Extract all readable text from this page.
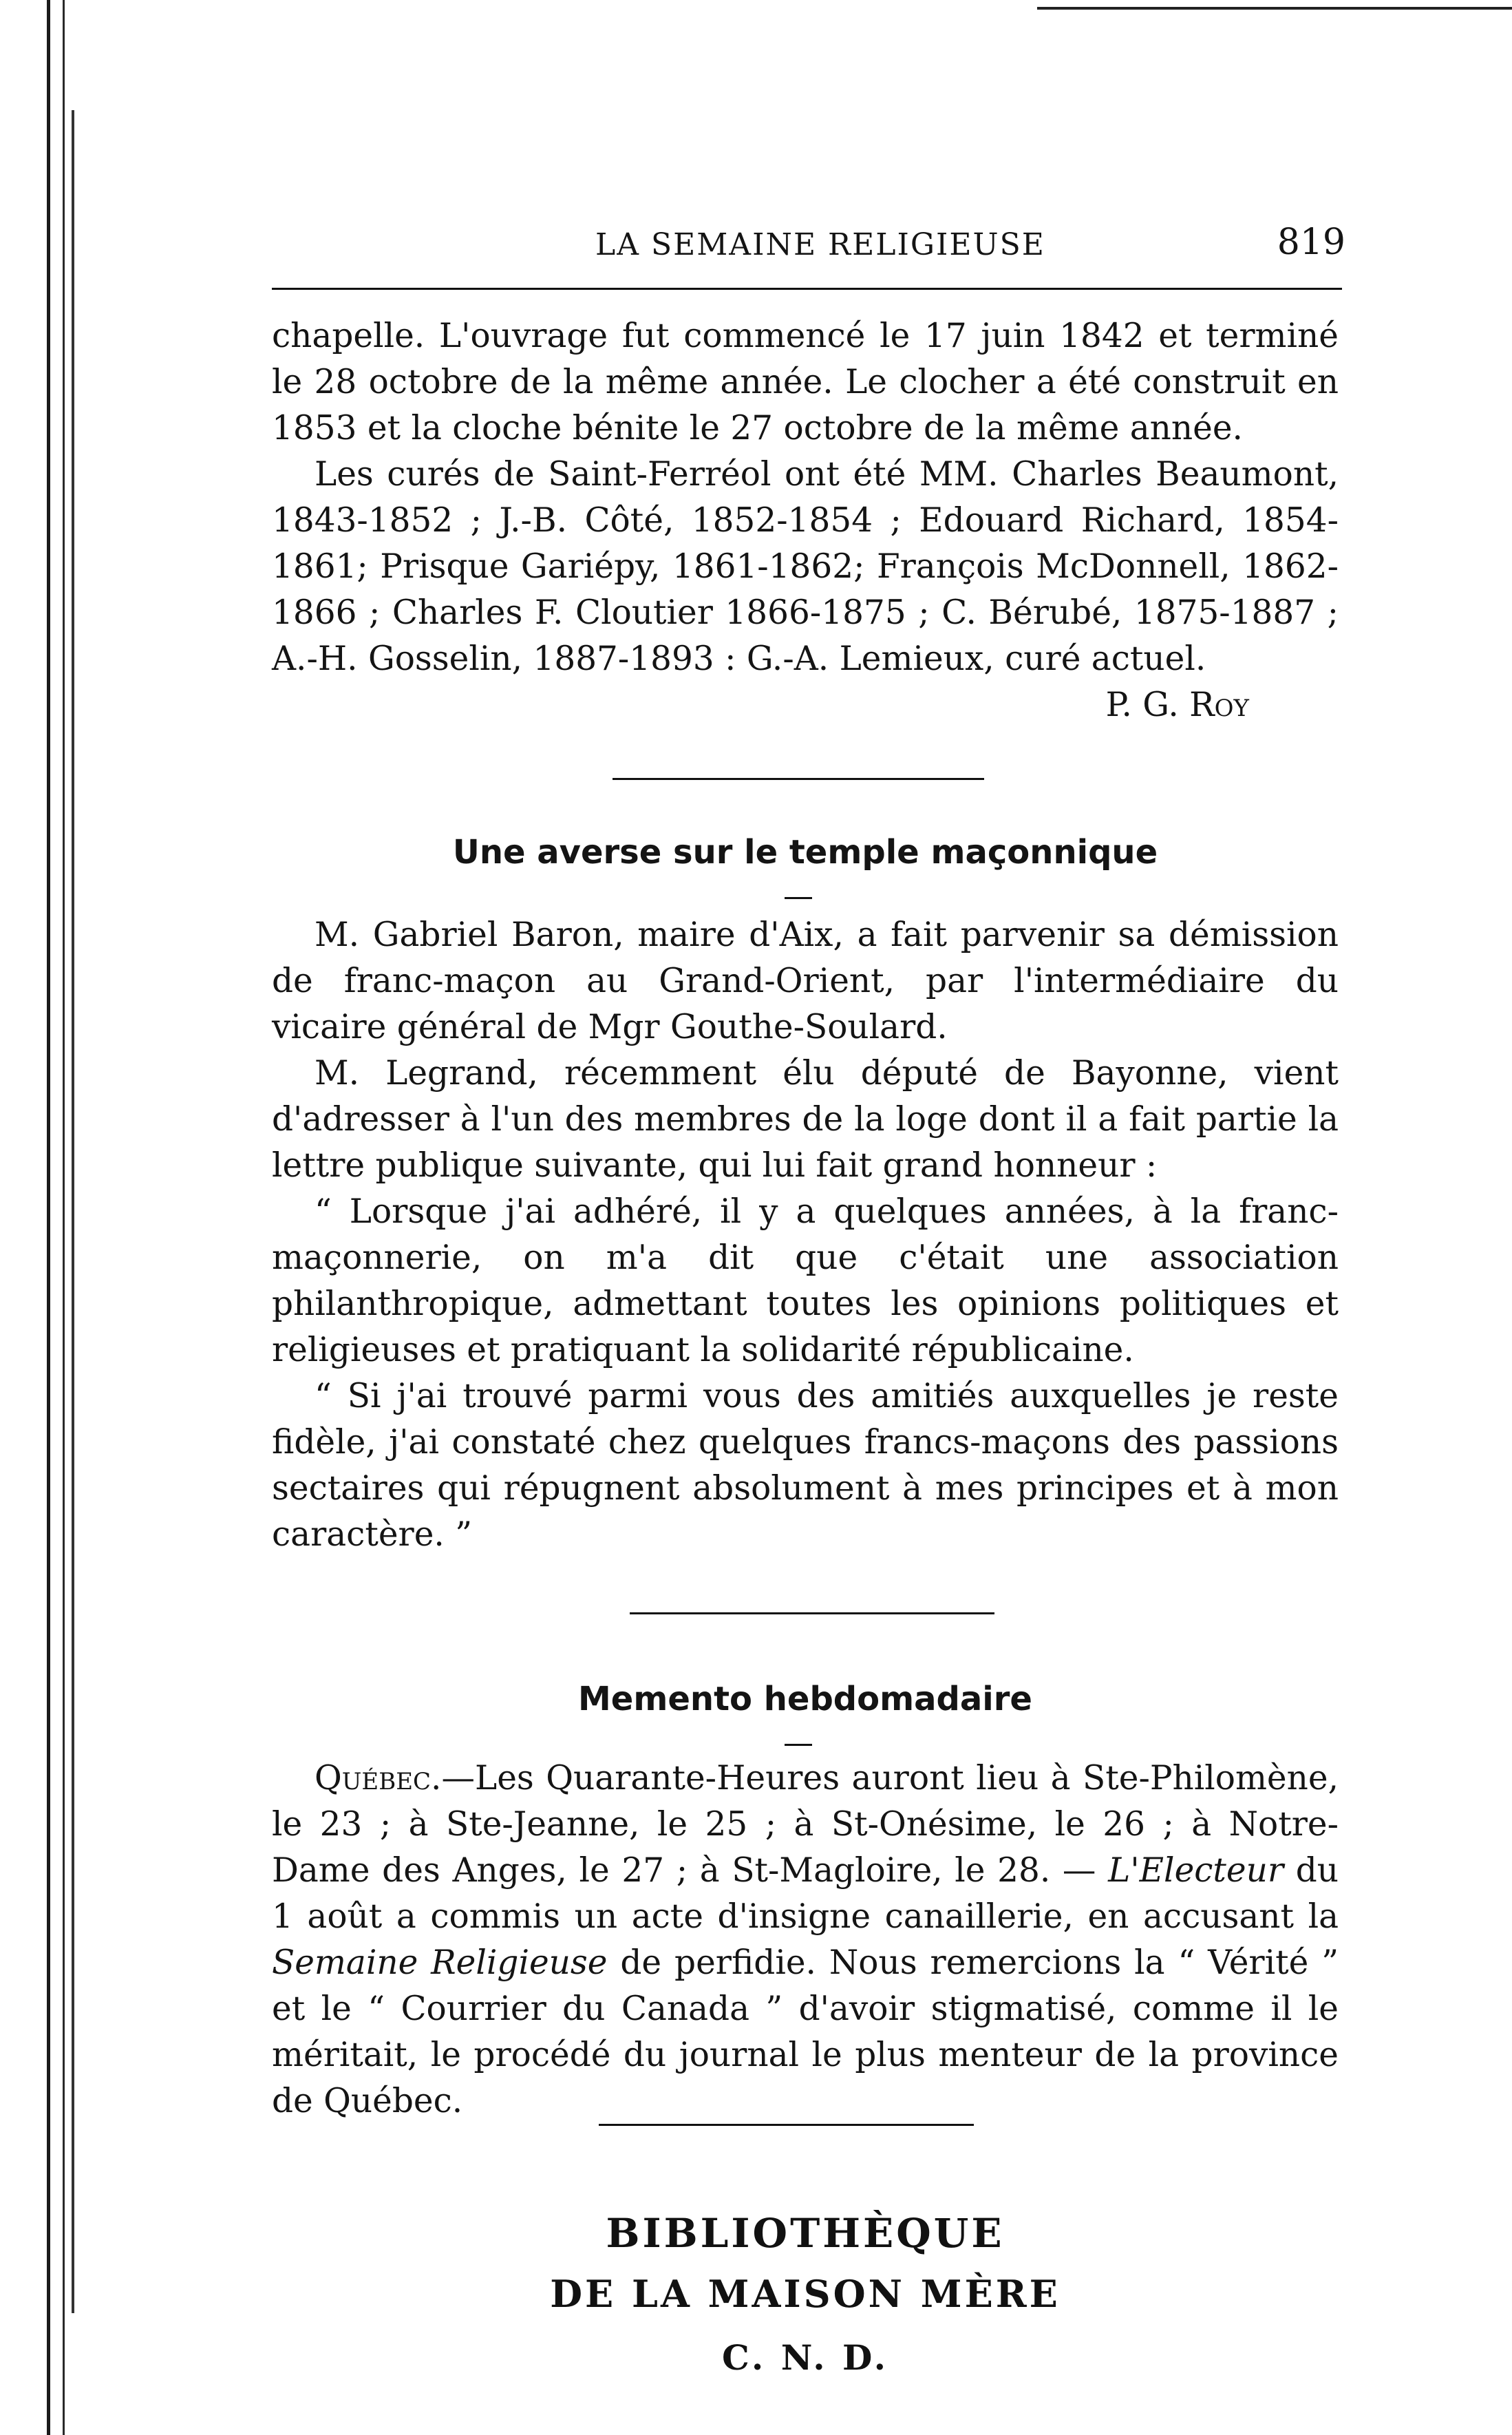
LA SEMAINE RELIGIEUSE	819

chapelle. L'ouvrage fut commencé le 17 juin 1842 et terminé le 28 octobre de la même année. Le clocher a été construit en 1853 et la cloche bénite le 27 octobre de la même année.

Les curés de Saint-Ferréol ont été MM. Charles Beaumont, 1843-1852 ; J.-B. Côté, 1852-1854 ; Edouard Richard, 1854-1861; Prisque Gariépy, 1861-1862; François McDonnell, 1862-1866 ; Charles F. Cloutier 1866-1875 ; C. Bérubé, 1875-1887 ; A.-H. Gosselin, 1887-1893 : G.-A. Lemieux, curé actuel.

P. G. Roy

Une averse sur le temple maçonnique

M. Gabriel Baron, maire d'Aix, a fait parvenir sa démission de franc-maçon au Grand-Orient, par l'intermédiaire du vicaire général de Mgr Gouthe-Soulard.

M. Legrand, récemment élu député de Bayonne, vient d'adresser à l'un des membres de la loge dont il a fait partie la lettre publique suivante, qui lui fait grand honneur :

“ Lorsque j'ai adhéré, il y a quelques années, à la franc-maçonnerie, on m'a dit que c'était une association philanthropique, admettant toutes les opinions politiques et religieuses et pratiquant la solidarité républicaine.

“ Si j'ai trouvé parmi vous des amitiés auxquelles je reste fidèle, j'ai constaté chez quelques francs-maçons des passions sectaires qui répugnent absolument à mes principes et à mon caractère. ”

Memento hebdomadaire

Québec.—Les Quarante-Heures auront lieu à Ste-Philomène, le 23 ; à Ste-Jeanne, le 25 ; à St-Onésime, le 26 ; à Notre-Dame des Anges, le 27 ; à St-Magloire, le 28. — L'Electeur du 1 août a commis un acte d'insigne canaillerie, en accusant la Semaine Religieuse de perfidie. Nous remercions la “ Vérité ” et le “ Courrier du Canada ” d'avoir stigmatisé, comme il le méritait, le procédé du journal le plus menteur de la province de Québec.

BIBLIOTHÈQUE
DE LA MAISON MÈRE
C. N. D.
